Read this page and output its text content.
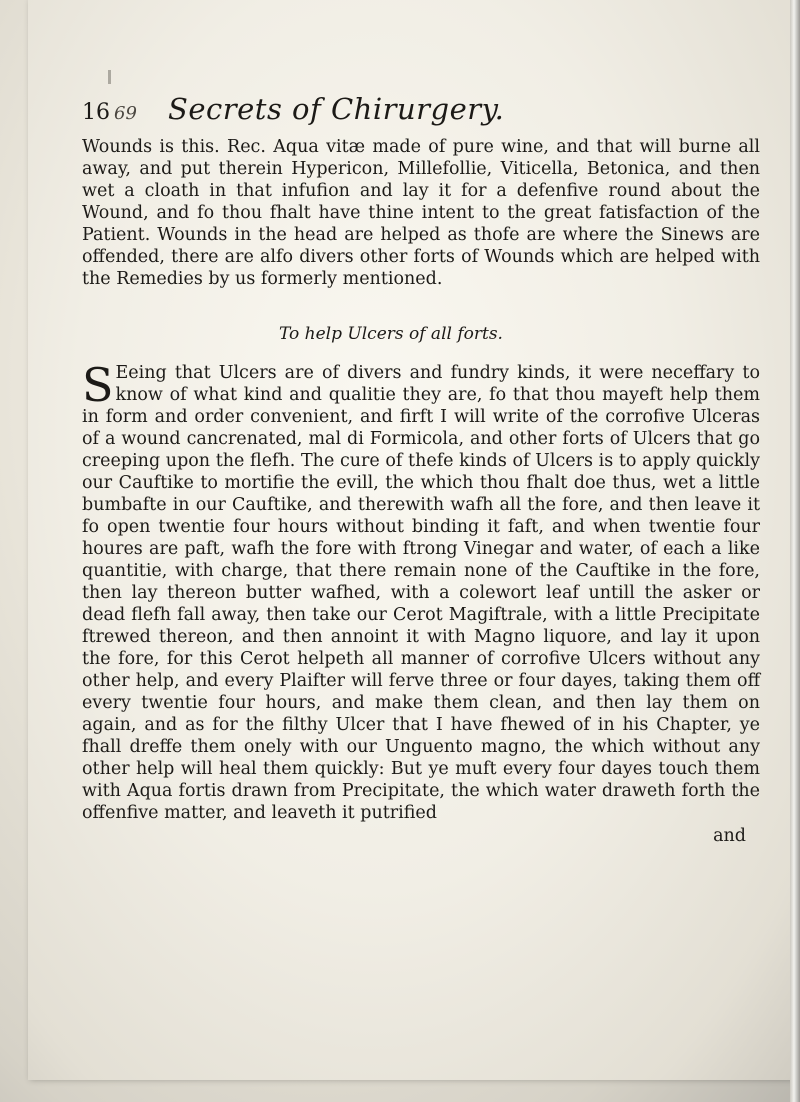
16 69 Secrets of Chirurgery.

Wounds is this. Rec. Aqua vitæ made of pure wine, and that will burne all away, and put therein Hypericon, Millefollie, Viticella, Betonica, and then wet a cloath in that infufion and lay it for a defenfive round about the Wound, and fo thou fhalt have thine intent to the great fatisfaction of the Patient. Wounds in the head are helped as thofe are where the Sinews are offended, there are alfo divers other forts of Wounds which are helped with the Remedies by us formerly mentioned.

To help Ulcers of all forts.

S Eeing that Ulcers are of divers and fundry kinds, it were neceffary to know of what kind and qualitie they are, fo that thou mayeft help them in form and order convenient, and firft I will write of the corrofive Ulceras of a wound cancrenated, mal di Formicola, and other forts of Ulcers that go creeping upon the flefh. The cure of thefe kinds of Ulcers is to apply quickly our Cauftike to mortifie the evill, the which thou fhalt doe thus, wet a little bumbafte in our Cauftike, and therewith wafh all the fore, and then leave it fo open twentie four hours without binding it faft, and when twentie four houres are paft, wafh the fore with ftrong Vinegar and water, of each a like quantitie, with charge, that there remain none of the Cauftike in the fore, then lay thereon butter wafhed, with a colewort leaf untill the asker or dead flefh fall away, then take our Cerot Magiftrale, with a little Precipitate ftrewed thereon, and then annoint it with Magno liquore, and lay it upon the fore, for this Cerot helpeth all manner of corrofive Ulcers without any other help, and every Plaifter will ferve three or four dayes, taking them off every twentie four hours, and make them clean, and then lay them on again, and as for the filthy Ulcer that I have fhewed of in his Chapter, ye fhall dreffe them onely with our Unguento magno, the which without any other help will heal them quickly: But ye muft every four dayes touch them with Aqua fortis drawn from Precipitate, the which water draweth forth the offenfive matter, and leaveth it putrified

and
